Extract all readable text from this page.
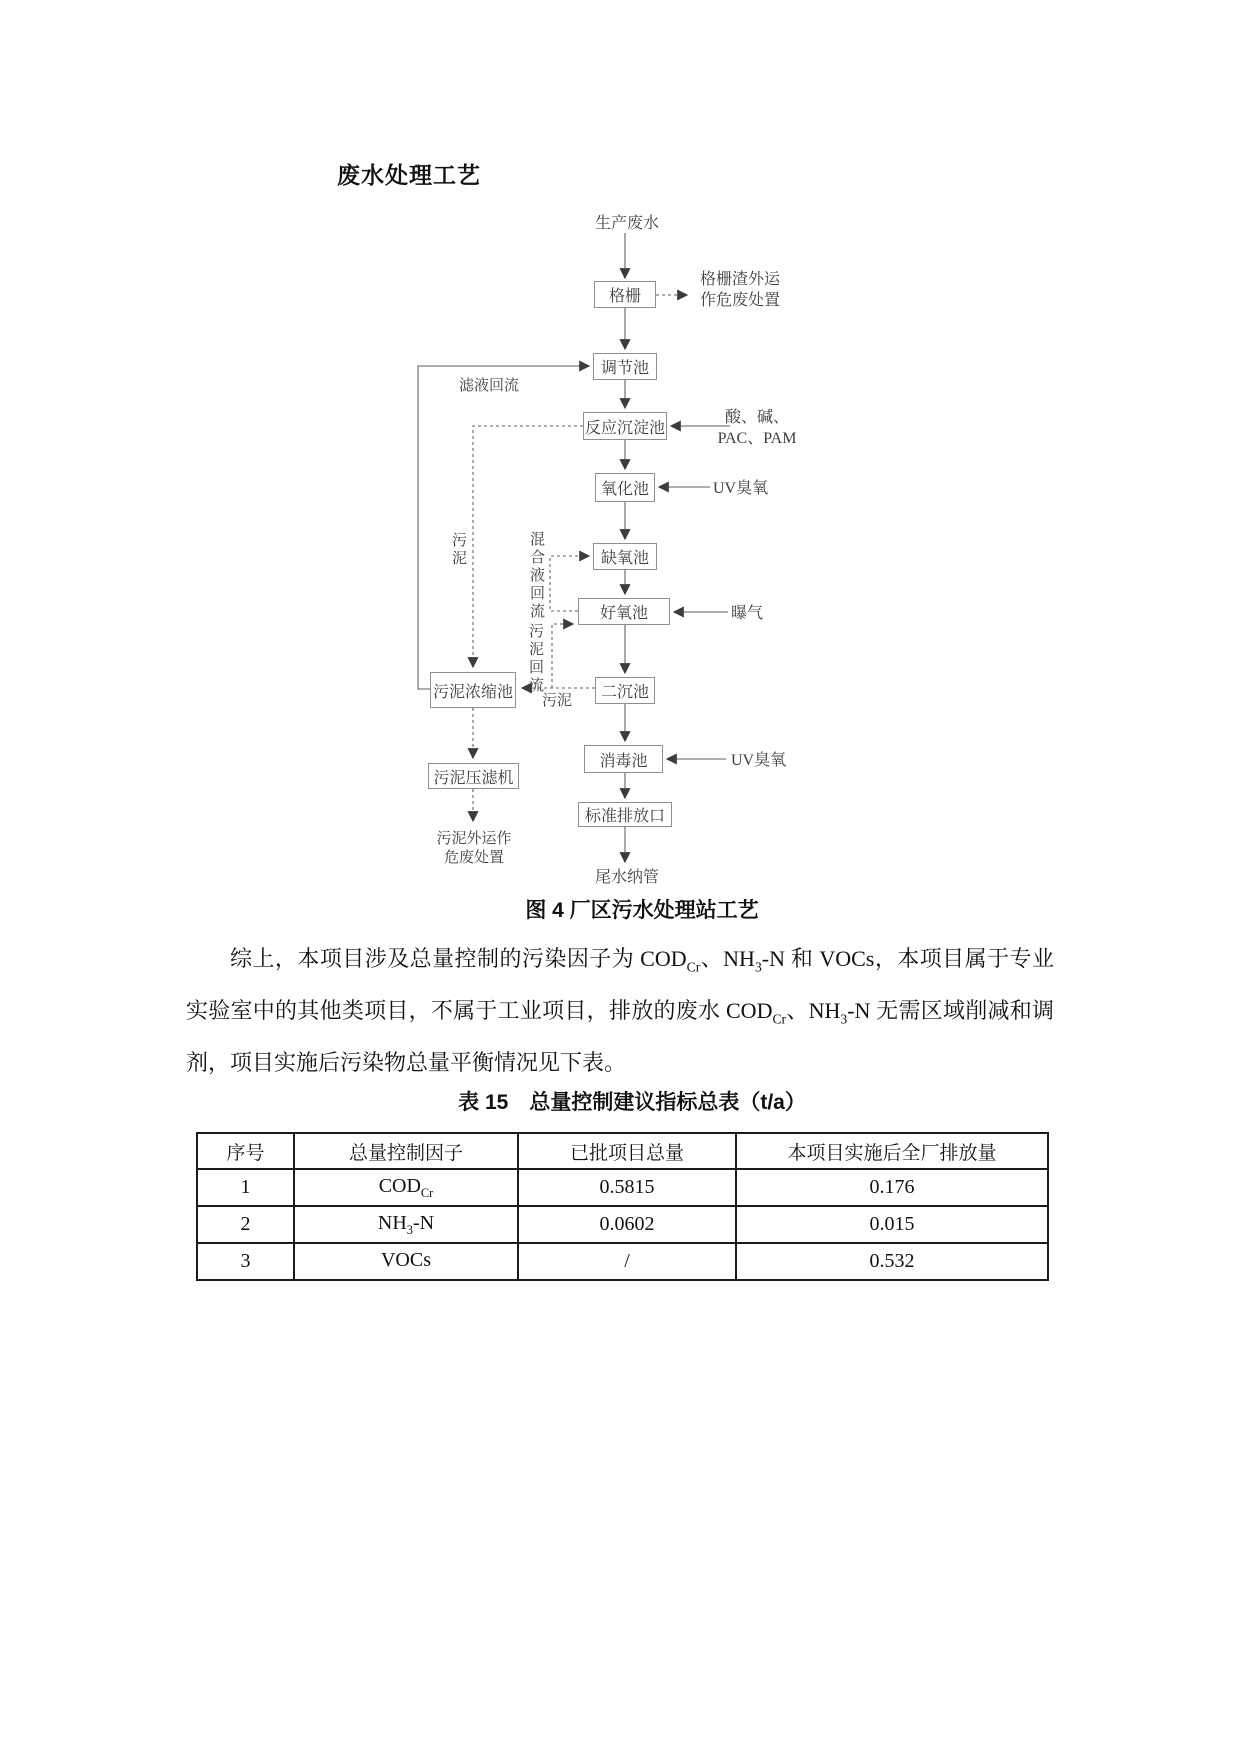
废水处理工艺
生产废水
格栅
格栅渣外运
作危废处置
调节池
滤液回流
反应沉淀池
酸、碱、
PAC、PAM
氧化池	UV臭氧
缺氧池
混合液回流
污泥
好氧池	曝气
污泥回流	二沉池
污泥
污泥浓缩池
污泥压滤机
污泥外运作
危废处置
消毒池	UV臭氧
标准排放口
尾水纳管
图 4 厂区污水处理站工艺
综上，本项目涉及总量控制的污染因子为 $COD_{Cr}$、$NH_3-N$ 和 VOCs，本项目属于专业实验室中的其他类项目，不属于工业项目，排放的废水 $COD_{Cr}$、$NH_3-N$ 无需区域削减和调剂，项目实施后污染物总量平衡情况见下表。
表 15　总量控制建议指标总表（t/a）
序号	总量控制因子	已批项目总量	本项目实施后全厂排放量
1	$COD_{Cr}$	0.5815	0.176
2	$NH_3-N$	0.0602	0.015
3	VOCs	/	0.532
